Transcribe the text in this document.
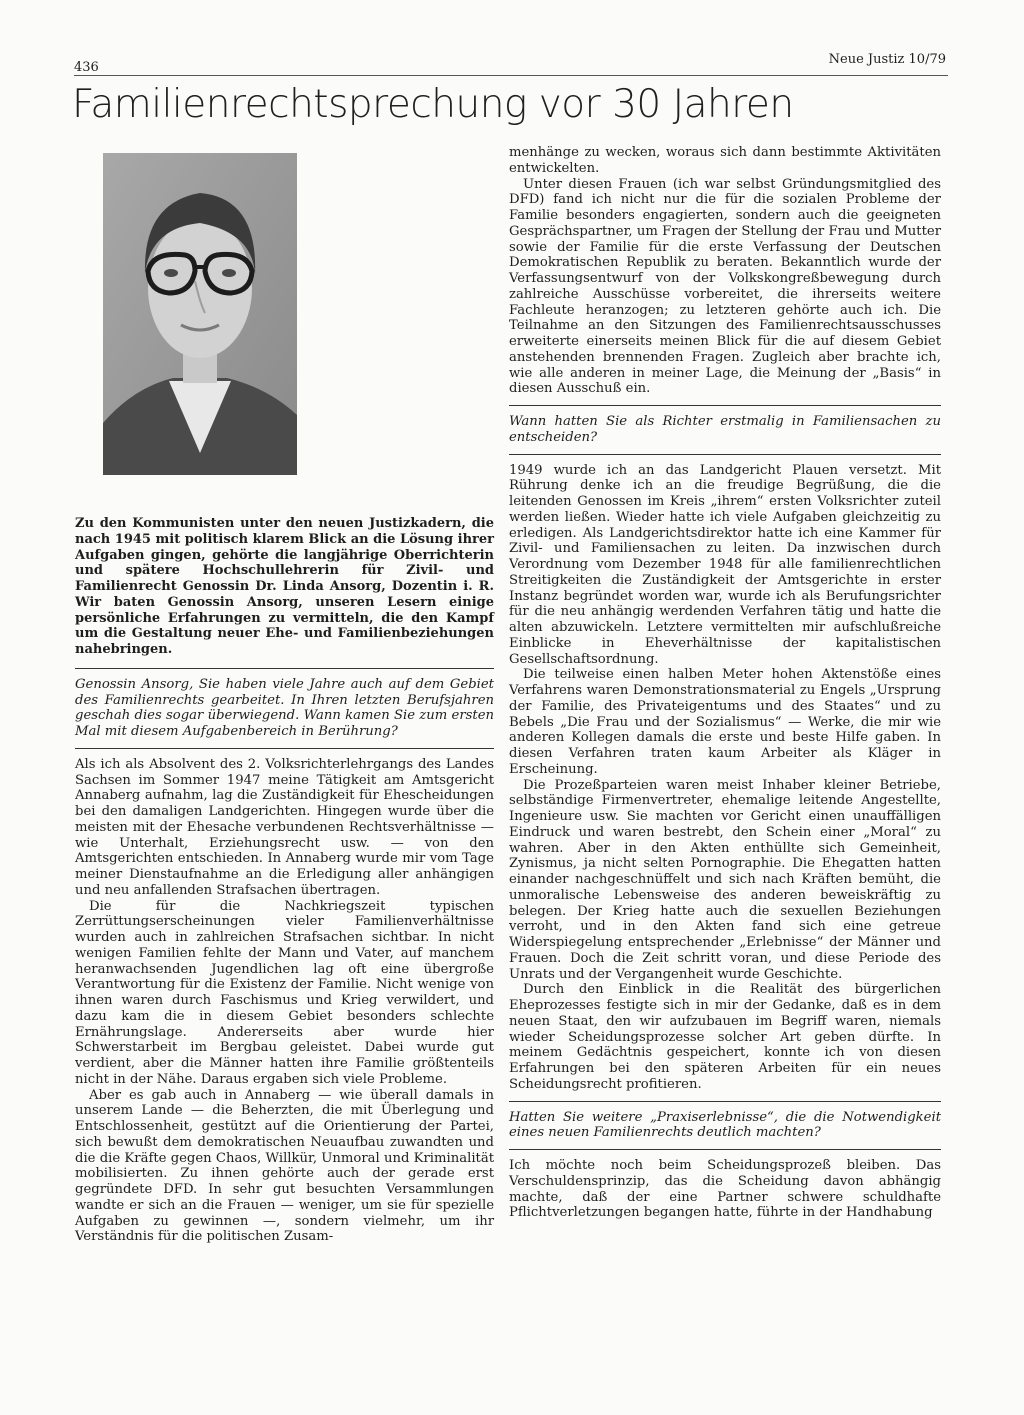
436
Neue Justiz 10/79
Familienrechtsprechung vor 30 Jahren

Zu den Kommunisten unter den neuen Justizkadern, die nach 1945 mit politisch klarem Blick an die Lösung ihrer Aufgaben gingen, gehörte die langjährige Oberrichterin und spätere Hochschullehrerin für Zivil- und Familienrecht Genossin Dr. Linda Ansorg, Dozentin i. R. Wir baten Genossin Ansorg, unseren Lesern einige persönliche Erfahrungen zu vermitteln, die den Kampf um die Gestaltung neuer Ehe- und Familienbeziehungen nahebringen.

Genossin Ansorg, Sie haben viele Jahre auch auf dem Gebiet des Familienrechts gearbeitet. In Ihren letzten Berufsjahren geschah dies sogar überwiegend. Wann kamen Sie zum ersten Mal mit diesem Aufgabenbereich in Berührung?

Als ich als Absolvent des 2. Volksrichterlehrgangs des Landes Sachsen im Sommer 1947 meine Tätigkeit am Amtsgericht Annaberg aufnahm, lag die Zuständigkeit für Ehescheidungen bei den damaligen Landgerichten. Hingegen wurde über die meisten mit der Ehesache verbundenen Rechtsverhältnisse — wie Unterhalt, Erziehungsrecht usw. — von den Amtsgerichten entschieden. In Annaberg wurde mir vom Tage meiner Dienstaufnahme an die Erledigung aller anhängigen und neu anfallenden Strafsachen übertragen.

Die für die Nachkriegszeit typischen Zerrüttungserscheinungen vieler Familienverhältnisse wurden auch in zahlreichen Strafsachen sichtbar. In nicht wenigen Familien fehlte der Mann und Vater, auf manchem heranwachsenden Jugendlichen lag oft eine übergroße Verantwortung für die Existenz der Familie. Nicht wenige von ihnen waren durch Faschismus und Krieg verwildert, und dazu kam die in diesem Gebiet besonders schlechte Ernährungslage. Andererseits aber wurde hier Schwerstarbeit im Bergbau geleistet. Dabei wurde gut verdient, aber die Männer hatten ihre Familie größtenteils nicht in der Nähe. Daraus ergaben sich viele Probleme.

Aber es gab auch in Annaberg — wie überall damals in unserem Lande — die Beherzten, die mit Überlegung und Entschlossenheit, gestützt auf die Orientierung der Partei, sich bewußt dem demokratischen Neuaufbau zuwandten und die die Kräfte gegen Chaos, Willkür, Unmoral und Kriminalität mobilisierten. Zu ihnen gehörte auch der gerade erst gegründete DFD. In sehr gut besuchten Versammlungen wandte er sich an die Frauen — weniger, um sie für spezielle Aufgaben zu gewinnen —, sondern vielmehr, um ihr Verständnis für die politischen Zusam-

menhänge zu wecken, woraus sich dann bestimmte Aktivitäten entwickelten.

Unter diesen Frauen (ich war selbst Gründungsmitglied des DFD) fand ich nicht nur die für die sozialen Probleme der Familie besonders engagierten, sondern auch die geeigneten Gesprächspartner, um Fragen der Stellung der Frau und Mutter sowie der Familie für die erste Verfassung der Deutschen Demokratischen Republik zu beraten. Bekanntlich wurde der Verfassungsentwurf von der Volkskongreßbewegung durch zahlreiche Ausschüsse vorbereitet, die ihrerseits weitere Fachleute heranzogen; zu letzteren gehörte auch ich. Die Teilnahme an den Sitzungen des Familienrechtsausschusses erweiterte einerseits meinen Blick für die auf diesem Gebiet anstehenden brennenden Fragen. Zugleich aber brachte ich, wie alle anderen in meiner Lage, die Meinung der „Basis“ in diesen Ausschuß ein.

Wann hatten Sie als Richter erstmalig in Familiensachen zu entscheiden?

1949 wurde ich an das Landgericht Plauen versetzt. Mit Rührung denke ich an die freudige Begrüßung, die die leitenden Genossen im Kreis „ihrem“ ersten Volksrichter zuteil werden ließen. Wieder hatte ich viele Aufgaben gleichzeitig zu erledigen. Als Landgerichtsdirektor hatte ich eine Kammer für Zivil- und Familiensachen zu leiten. Da inzwischen durch Verordnung vom Dezember 1948 für alle familienrechtlichen Streitigkeiten die Zuständigkeit der Amtsgerichte in erster Instanz begründet worden war, wurde ich als Berufungsrichter für die neu anhängig werdenden Verfahren tätig und hatte die alten abzuwickeln. Letztere vermittelten mir aufschlußreiche Einblicke in Eheverhältnisse der kapitalistischen Gesellschaftsordnung.

Die teilweise einen halben Meter hohen Aktenstöße eines Verfahrens waren Demonstrationsmaterial zu Engels „Ursprung der Familie, des Privateigentums und des Staates“ und zu Bebels „Die Frau und der Sozialismus“ — Werke, die mir wie anderen Kollegen damals die erste und beste Hilfe gaben. In diesen Verfahren traten kaum Arbeiter als Kläger in Erscheinung.

Die Prozeßparteien waren meist Inhaber kleiner Betriebe, selbständige Firmenvertreter, ehemalige leitende Angestellte, Ingenieure usw. Sie machten vor Gericht einen unauffälligen Eindruck und waren bestrebt, den Schein einer „Moral“ zu wahren. Aber in den Akten enthüllte sich Gemeinheit, Zynismus, ja nicht selten Pornographie. Die Ehegatten hatten einander nachgeschnüffelt und sich nach Kräften bemüht, die unmoralische Lebensweise des anderen beweiskräftig zu belegen. Der Krieg hatte auch die sexuellen Beziehungen verroht, und in den Akten fand sich eine getreue Widerspiegelung entsprechender „Erlebnisse“ der Männer und Frauen. Doch die Zeit schritt voran, und diese Periode des Unrats und der Vergangenheit wurde Geschichte.

Durch den Einblick in die Realität des bürgerlichen Eheprozesses festigte sich in mir der Gedanke, daß es in dem neuen Staat, den wir aufzubauen im Begriff waren, niemals wieder Scheidungsprozesse solcher Art geben dürfte. In meinem Gedächtnis gespeichert, konnte ich von diesen Erfahrungen bei den späteren Arbeiten für ein neues Scheidungsrecht profitieren.

Hatten Sie weitere „Praxiserlebnisse“, die die Notwendigkeit eines neuen Familienrechts deutlich machten?

Ich möchte noch beim Scheidungsprozeß bleiben. Das Verschuldensprinzip, das die Scheidung davon abhängig machte, daß der eine Partner schwere schuldhafte Pflichtverletzungen begangen hatte, führte in der Handhabung
